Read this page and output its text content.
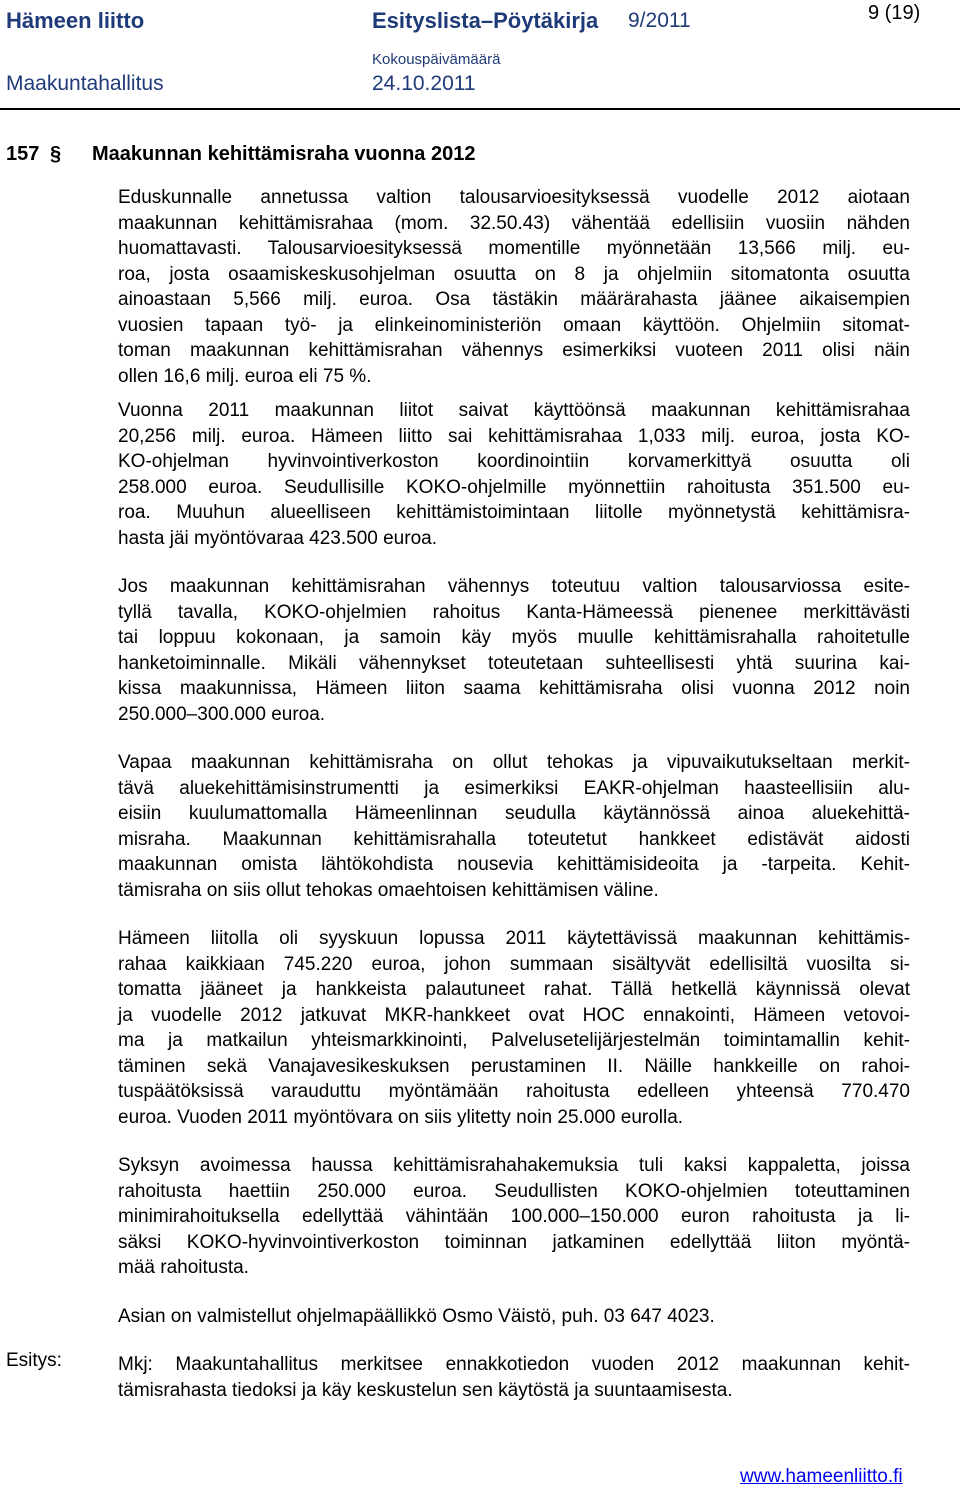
Hämeen liitto	Esityslista–Pöytäkirja 9/2011	9 (19)
Kokouspäivämäärä
Maakuntahallitus	24.10.2011
157 § Maakunnan kehittämisraha vuonna 2012

Eduskunnalle annetussa valtion talousarvioesityksessä vuodelle 2012 aiotaan
maakunnan kehittämisrahaa (mom. 32.50.43) vähentää edellisiin vuosiin nähden
huomattavasti. Talousarvioesityksessä momentille myönnetään 13,566 milj. eu-
roa, josta osaamiskeskusohjelman osuutta on 8 ja ohjelmiin sitomatonta osuutta
ainoastaan 5,566 milj. euroa. Osa tästäkin määrärahasta jäänee aikaisempien
vuosien tapaan työ- ja elinkeinoministeriön omaan käyttöön. Ohjelmiin sitomat-
toman maakunnan kehittämisrahan vähennys esimerkiksi vuoteen 2011 olisi näin
ollen 16,6 milj. euroa eli 75 %.

Vuonna 2011 maakunnan liitot saivat käyttöönsä maakunnan kehittämisrahaa
20,256 milj. euroa. Hämeen liitto sai kehittämisrahaa 1,033 milj. euroa, josta KO-
KO-ohjelman hyvinvointiverkoston koordinointiin korvamerkittyä osuutta oli
258.000 euroa. Seudullisille KOKO-ohjelmille myönnettiin rahoitusta 351.500 eu-
roa. Muuhun alueelliseen kehittämistoimintaan liitolle myönnetystä kehittämisra-
hasta jäi myöntövaraa 423.500 euroa.

Jos maakunnan kehittämisrahan vähennys toteutuu valtion talousarviossa esite-
tyllä tavalla, KOKO-ohjelmien rahoitus Kanta-Hämeessä pienenee merkittävästi
tai loppuu kokonaan, ja samoin käy myös muulle kehittämisrahalla rahoitetulle
hanketoiminnalle. Mikäli vähennykset toteutetaan suhteellisesti yhtä suurina kai-
kissa maakunnissa, Hämeen liiton saama kehittämisraha olisi vuonna 2012 noin
250.000–300.000 euroa.

Vapaa maakunnan kehittämisraha on ollut tehokas ja vipuvaikutukseltaan merkit-
tävä aluekehittämisinstrumentti ja esimerkiksi EAKR-ohjelman haasteellisiin alu-
eisiin kuulumattomalla Hämeenlinnan seudulla käytännössä ainoa aluekehittä-
misraha. Maakunnan kehittämisrahalla toteutetut hankkeet edistävät aidosti
maakunnan omista lähtökohdista nousevia kehittämisideoita ja -tarpeita. Kehit-
tämisraha on siis ollut tehokas omaehtoisen kehittämisen väline.

Hämeen liitolla oli syyskuun lopussa 2011 käytettävissä maakunnan kehittämis-
rahaa kaikkiaan 745.220 euroa, johon summaan sisältyvät edellisiltä vuosilta si-
tomatta jääneet ja hankkeista palautuneet rahat. Tällä hetkellä käynnissä olevat
ja vuodelle 2012 jatkuvat MKR-hankkeet ovat HOC ennakointi, Hämeen vetovoi-
ma ja matkailun yhteismarkkinointi, Palvelusetelijärjestelmän toimintamallin kehit-
täminen sekä Vanajavesikeskuksen perustaminen II. Näille hankkeille on rahoi-
tuspäätöksissä varauduttu myöntämään rahoitusta edelleen yhteensä 770.470
euroa. Vuoden 2011 myöntövara on siis ylitetty noin 25.000 eurolla.

Syksyn avoimessa haussa kehittämisrahahakemuksia tuli kaksi kappaletta, joissa
rahoitusta haettiin 250.000 euroa. Seudullisten KOKO-ohjelmien toteuttaminen
minimirahoituksella edellyttää vähintään 100.000–150.000 euron rahoitusta ja li-
säksi KOKO-hyvinvointiverkoston toiminnan jatkaminen edellyttää liiton myöntä-
mää rahoitusta.

Asian on valmistellut ohjelmapäällikkö Osmo Väistö, puh. 03 647 4023.

Mkj: Maakuntahallitus merkitsee ennakkotiedon vuoden 2012 maakunnan kehit-
tämisrahasta tiedoksi ja käy keskustelun sen käytöstä ja suuntaamisesta.

Esitys:
www.hameenliitto.fi
